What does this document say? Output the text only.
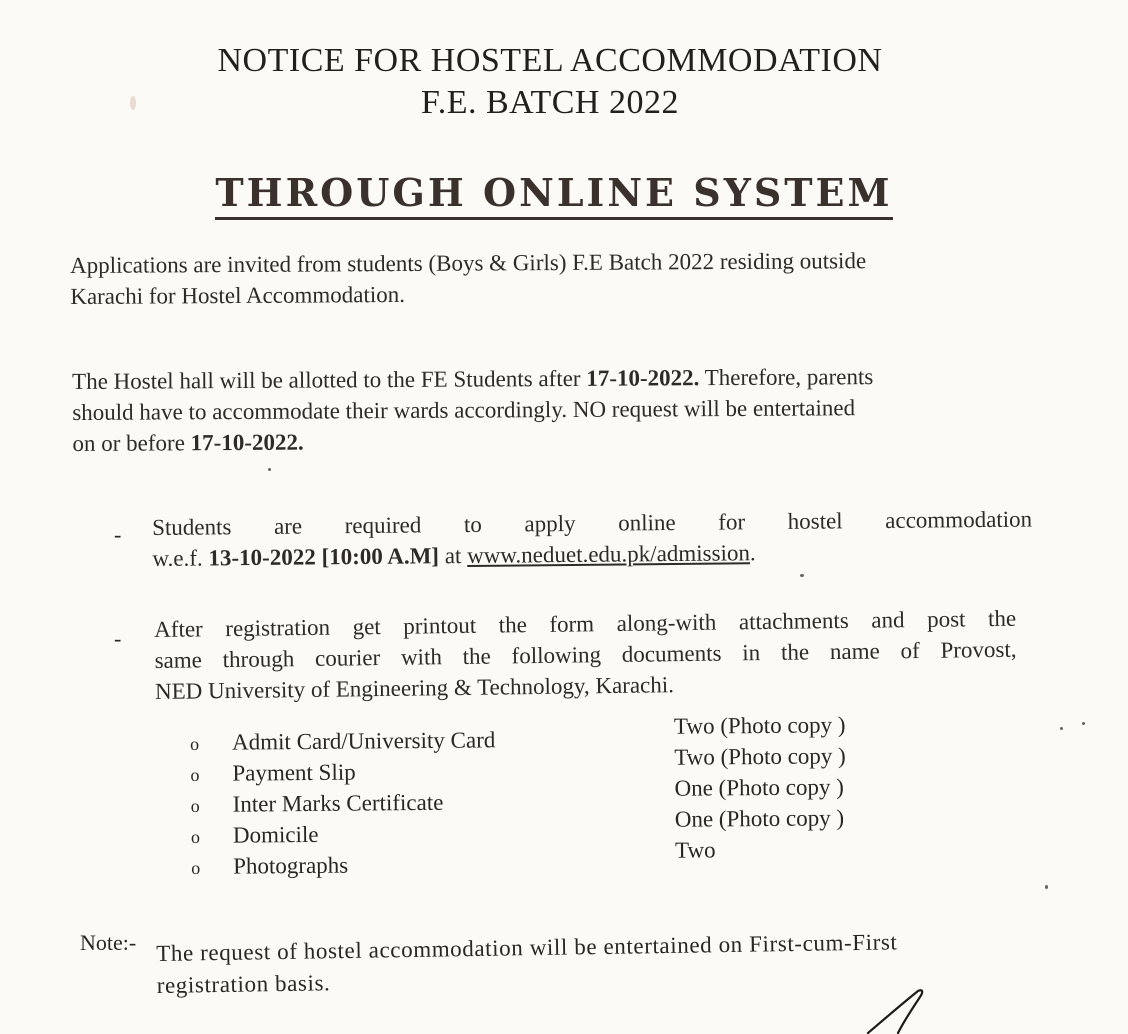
NOTICE FOR HOSTEL ACCOMMODATION
F.E. BATCH 2022
THROUGH ONLINE SYSTEM
Applications are invited from students (Boys & Girls) F.E Batch 2022 residing outside
Karachi for Hostel Accommodation.
The Hostel hall will be allotted to the FE Students after 17-10-2022. Therefore, parents
should have to accommodate their wards accordingly. NO request will be entertained
on or before 17-10-2022.
- Students are required to apply online for hostel accommodation
w.e.f. 13-10-2022 [10:00 A.M] at www.neduet.edu.pk/admission.
- After registration get printout the form along-with attachments and post the
same through courier with the following documents in the name of Provost,
NED University of Engineering & Technology, Karachi.
o Admit Card/University Card
Two (Photo copy )
o Payment Slip
Two (Photo copy )
o Inter Marks Certificate
One (Photo copy )
o Domicile
One (Photo copy )
o Photographs
Two
Note:- The request of hostel accommodation will be entertained on First-cum-First
registration basis.
